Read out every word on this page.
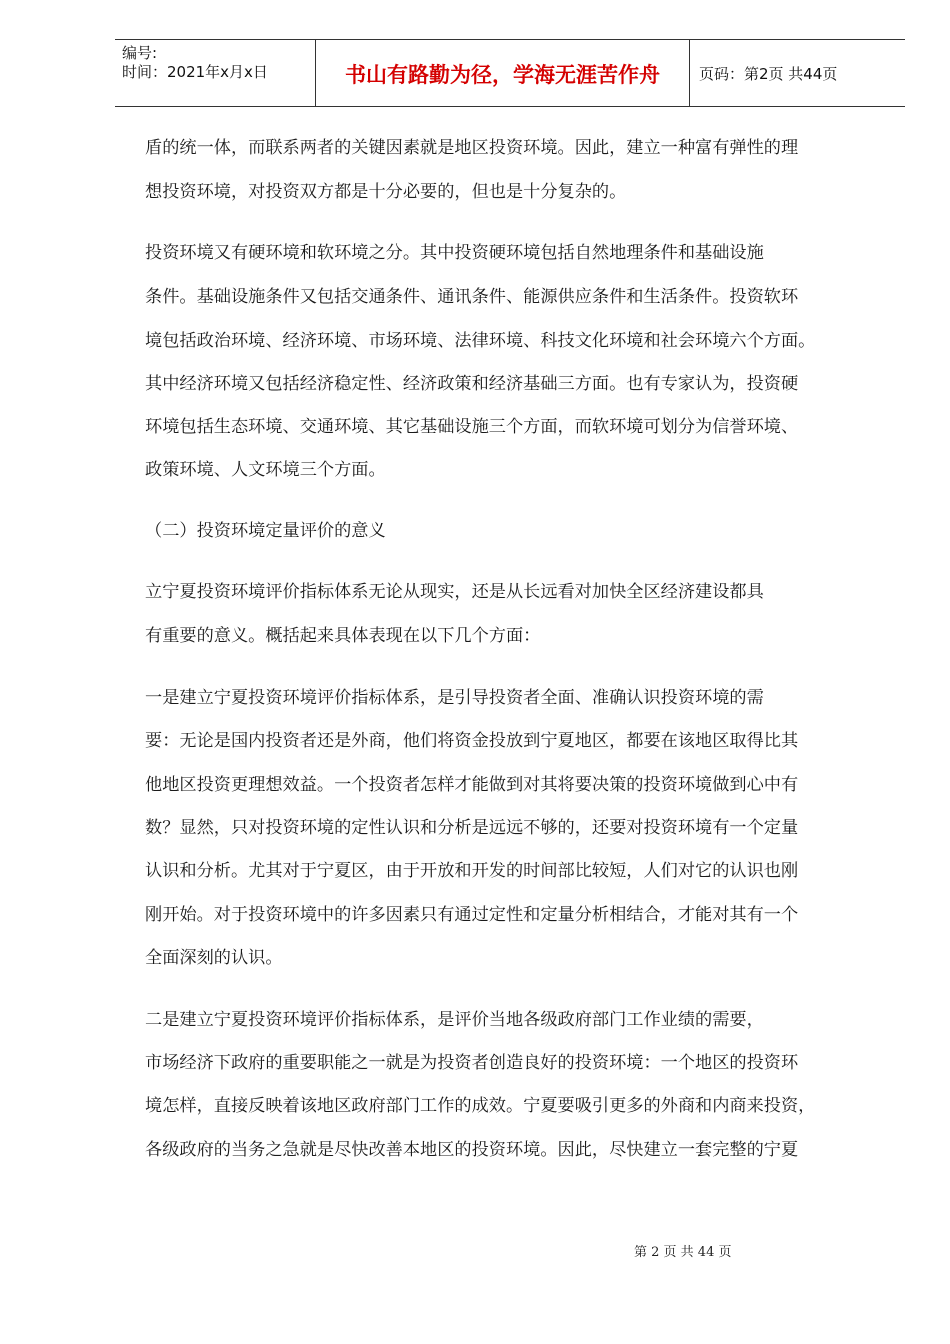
编号:
时间：2021年x月x日	书山有路勤为径，学海无涯苦作舟	页码：第2页 共44页
盾的统一体，而联系两者的关键因素就是地区投资环境。因此，建立一种富有弹性的理
想投资环境，对投资双方都是十分必要的，但也是十分复杂的。
投资环境又有硬环境和软环境之分。其中投资硬环境包括自然地理条件和基础设施
条件。基础设施条件又包括交通条件、通讯条件、能源供应条件和生活条件。投资软环
境包括政治环境、经济环境、市场环境、法律环境、科技文化环境和社会环境六个方面。
其中经济环境又包括经济稳定性、经济政策和经济基础三方面。也有专家认为，投资硬
环境包括生态环境、交通环境、其它基础设施三个方面，而软环境可划分为信誉环境、
政策环境、人文环境三个方面。
（二）投资环境定量评价的意义
立宁夏投资环境评价指标体系无论从现实，还是从长远看对加快全区经济建设都具
有重要的意义。概括起来具体表现在以下几个方面：
一是建立宁夏投资环境评价指标体系，是引导投资者全面、准确认识投资环境的需
要：无论是国内投资者还是外商，他们将资金投放到宁夏地区，都要在该地区取得比其
他地区投资更理想效益。一个投资者怎样才能做到对其将要决策的投资环境做到心中有
数？显然，只对投资环境的定性认识和分析是远远不够的，还要对投资环境有一个定量
认识和分析。尤其对于宁夏区，由于开放和开发的时间部比较短，人们对它的认识也刚
刚开始。对于投资环境中的许多因素只有通过定性和定量分析相结合，才能对其有一个
全面深刻的认识。
二是建立宁夏投资环境评价指标体系，是评价当地各级政府部门工作业绩的需要，
市场经济下政府的重要职能之一就是为投资者创造良好的投资环境：一个地区的投资环
境怎样，直接反映着该地区政府部门工作的成效。宁夏要吸引更多的外商和内商来投资，
各级政府的当务之急就是尽快改善本地区的投资环境。因此，尽快建立一套完整的宁夏
第 2 页 共 44 页
